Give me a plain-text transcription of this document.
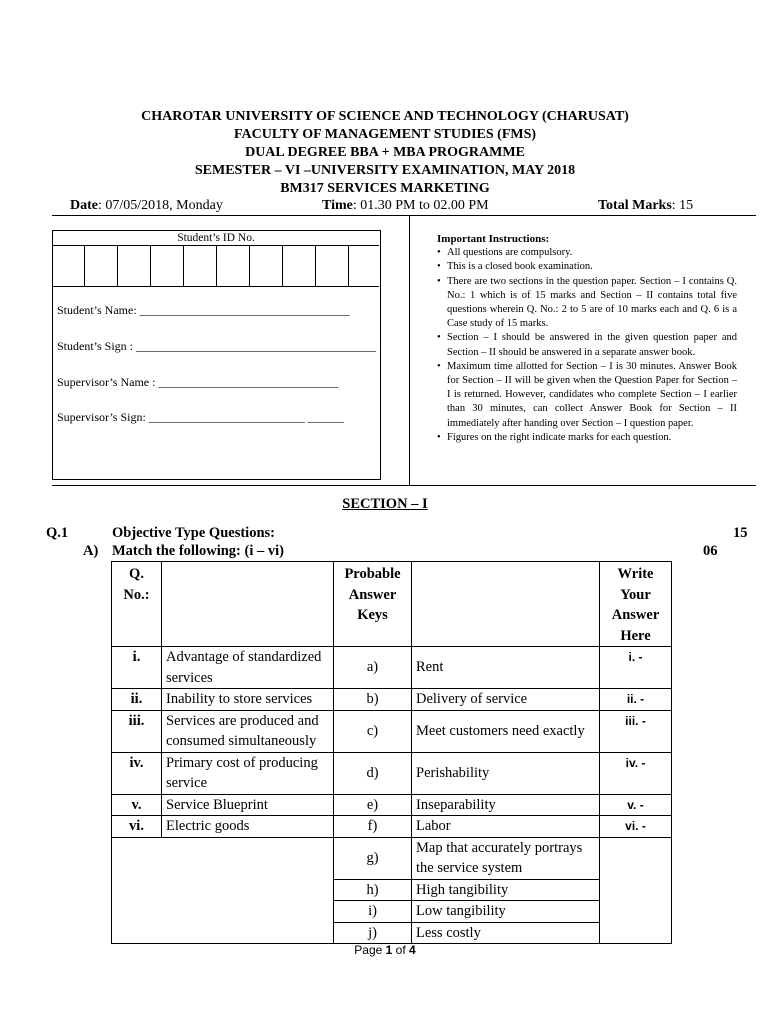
CHAROTAR UNIVERSITY OF SCIENCE AND TECHNOLOGY (CHARUSAT)
FACULTY OF MANAGEMENT STUDIES (FMS)
DUAL DEGREE BBA + MBA PROGRAMME
SEMESTER – VI –UNIVERSITY EXAMINATION, MAY 2018
BM317 SERVICES MARKETING
Date: 07/05/2018, Monday	Time: 01.30 PM to 02.00 PM	Total Marks: 15
Student’s ID No.
Student’s Name: ___________________________________
Student’s Sign : ________________________________________
Supervisor’s Name : ______________________________
Supervisor’s Sign: __________________________ ______
Important Instructions:
• All questions are compulsory.
• This is a closed book examination.
• There are two sections in the question paper. Section – I contains Q. No.: 1 which is of 15 marks and Section – II contains total five questions wherein Q. No.: 2 to 5 are of 10 marks each and Q. 6 is a Case study of 15 marks.
• Section – I should be answered in the given question paper and Section – II should be answered in a separate answer book.
• Maximum time allotted for Section – I is 30 minutes. Answer Book for Section – II will be given when the Question Paper for Section – I is returned. However, candidates who complete Section – I earlier than 30 minutes, can collect Answer Book for Section – II immediately after handing over Section – I question paper.
• Figures on the right indicate marks for each question.
SECTION – I
Q.1	Objective Type Questions:	15
A) Match the following: (i – vi)	06
Q. No.:		Probable Answer Keys		Write Your Answer Here
i.	Advantage of standardized services	a)	Rent	i. -
ii.	Inability to store services	b)	Delivery of service	ii. -
iii.	Services are produced and consumed simultaneously	c)	Meet customers need exactly	iii. -
iv.	Primary cost of producing service	d)	Perishability	iv. -
v.	Service Blueprint	e)	Inseparability	v. -
vi.	Electric goods	f)	Labor	vi. -
		g)	Map that accurately portrays the service system	
		h)	High tangibility	
		i)	Low tangibility	
		j)	Less costly	
Page 1 of 4
